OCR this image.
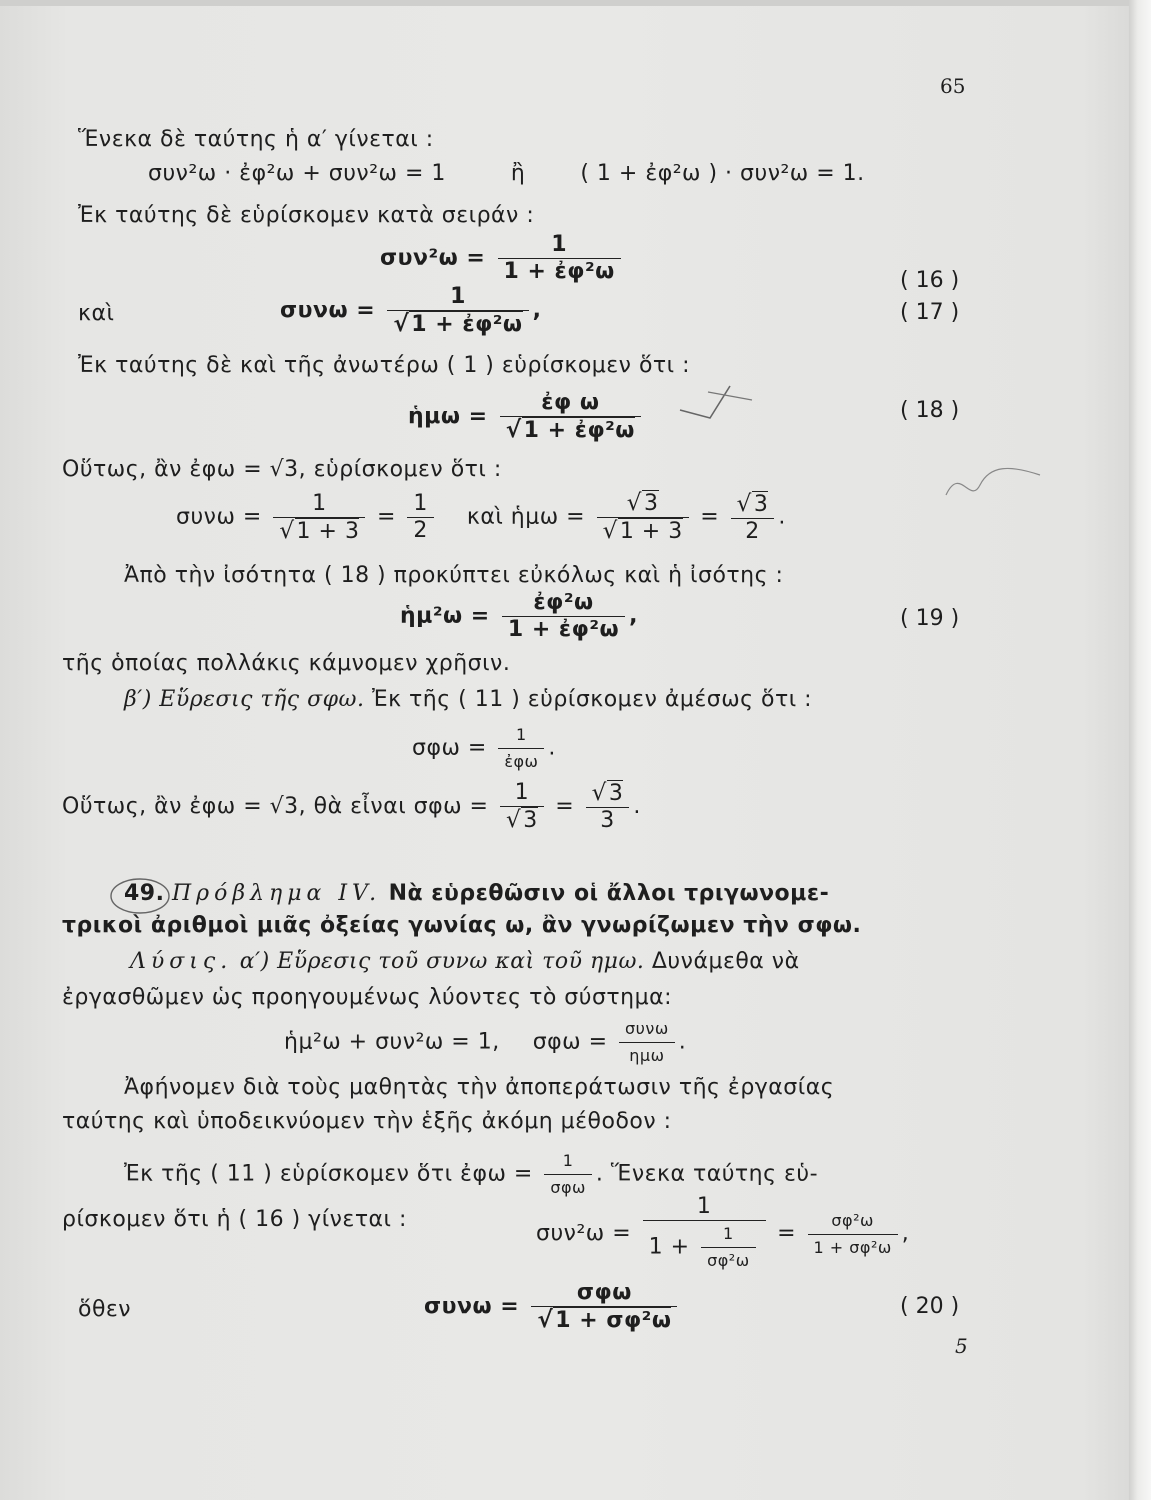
65
Ἕνεκα δὲ ταύτης ἡ α′ γίνεται :
συν²ω · ἐφ²ω + συν²ω = 1	ἢ	( 1 + ἐφ²ω ) · συν²ω = 1.
Ἐκ ταύτης δὲ εὑρίσκομεν κατὰ σειράν :
$\sigma\upsilon\nu^2\omega = \frac{1}{\text{1 + ἐφ²ω}}$	( 16 )
καὶ	$\sigma\upsilon\nu\omega = \frac{1}{\text{√1 + ἐφ²ω}}$ ,	( 17 )
Ἐκ ταύτης δὲ καὶ τῆς ἀνωτέρω ( 1 ) εὑρίσκομεν ὅτι :
ἡμω = $\frac{\text{ἐφ ω}}{\text{√1 + ἐφ²ω}}$	( 18 )
Οὕτως, ἂν ἐφω = √3, εὑρίσκομεν ὅτι :
$\sigma\upsilon\nu\omega = \frac{1}{√1 + 3} = \frac{1}{2}$ καὶ ἡμω = $\frac{√3}{√1 + 3} = \frac{√3}{2}$ .
Ἀπὸ τὴν ἰσότητα ( 18 ) προκύπτει εὐκόλως καὶ ἡ ἰσότης :
ἡμ²ω = $\frac{\text{ἐφ²ω}}{\text{1 + ἐφ²ω}}$ ,	( 19 )
τῆς ὁποίας πολλάκις κάμνομεν χρῆσιν.
β′) Εὕρεσις τῆς σφω. Ἐκ τῆς ( 11 ) εὑρίσκομεν ἀμέσως ὅτι :
$\sigma\varphi\omega = \frac{1}{\text{ἐφω}}$ .
Οὕτως, ἂν ἐφω = √3, θὰ εἶναι $\sigma\varphi\omega = \frac{1}{√3} = \frac{√3}{3}$ .
49. Πρόβλημα IV. Νὰ εὑρεθῶσιν οἱ ἄλλοι τριγωνομε-
τρικοὶ ἀριθμοὶ μιᾶς ὀξείας γωνίας ω, ἂν γνωρίζωμεν τὴν σφω.
Λύσις. α′) Εὕρεσις τοῦ συνω καὶ τοῦ ημω. Δυνάμεθα νὰ
ἐργασθῶμεν ὡς προηγουμένως λύοντες τὸ σύστημα:
ἡμ²ω + συν²ω = 1, $\sigma\varphi\omega = \frac{\text{συνω}}{\text{ημω}}$ .
Ἀφήνομεν διὰ τοὺς μαθητὰς τὴν ἀποπεράτωσιν τῆς ἐργασίας
ταύτης καὶ ὑποδεικνύομεν τὴν ἑξῆς ἀκόμη μέθοδον :
Ἐκ τῆς ( 11 ) εὑρίσκομεν ὅτι ἐφω = $\frac{1}{\text{σφω}}$ . Ἕνεκα ταύτης εὑ-
ρίσκομεν ὅτι ἡ ( 16 ) γίνεται :
$\sigma\upsilon\nu^2\omega = \frac{1}{1 + \frac{1}{\text{σφ²ω}}} = \frac{\text{σφ²ω}}{\text{1 + σφ²ω}}$ ,
ὅθεν	$\sigma\upsilon\nu\omega = \frac{\text{σφω}}{\text{√1 + σφ²ω}}$	( 20 )
5
